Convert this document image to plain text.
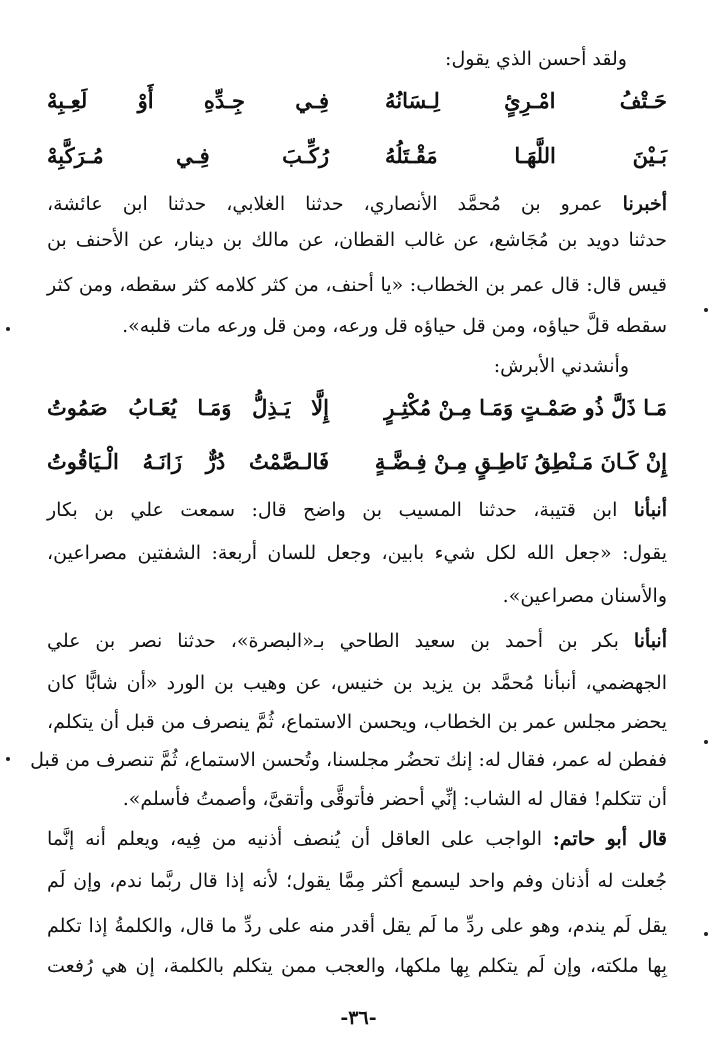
ولقد أحسن الذي يقول:
حَـتْفُ امْـرِئٍ لِـسَانُهُ
فِـي جِـدِّهِ أَوْ لَعِـبِهْ
بَـيْنَ اللَّهَـا مَقْـتَلُهُ
رُكِّـبَ فِـي مُـرَكَّبِهْ
أخبرنا عمرو بن مُحمَّد الأنصاري، حدثنا الغلابي، حدثنا ابن عائشة،
حدثنا دويد بن مُجَاشع، عن غالب القطان، عن مالك بن دينار، عن الأحنف بن
قيس قال: قال عمر بن الخطاب: «يا أحنف، من كثر كلامه كثر سقطه، ومن كثر
سقطه قلَّ حياؤه، ومن قل حياؤه قل ورعه، ومن قل ورعه مات قلبه».
وأنشدني الأبرش:
مَـا ذَلَّ ذُو صَمْـتٍ وَمَـا مِـنْ مُكْثِـرٍ
إِلَّا يَـذِلُّ وَمَـا يُعَـابُ صَمُوتُ
إِنْ كَـانَ مَـنْطِقُ نَاطِـقٍ مِـنْ فِـضَّـةٍ
فَالـصَّمْتُ دُرٌّ زَانَـهُ الْـيَاقُوتُ
أنبأنا ابن قتيبة، حدثنا المسيب بن واضح قال: سمعت علي بن بكار
يقول: «جعل الله لكل شيء بابين، وجعل للسان أربعة: الشفتين مصراعين،
والأسنان مصراعين».
أنبأنا بكر بن أحمد بن سعيد الطاحي بـ«البصرة»، حدثنا نصر بن علي
الجهضمي، أنبأنا مُحمَّد بن يزيد بن خنيس، عن وهيب بن الورد «أن شابًّا كان
يحضر مجلس عمر بن الخطاب، ويحسن الاستماع، ثُمَّ ينصرف من قبل أن يتكلم،
ففطن له عمر، فقال له: إنك تحضُر مجلسنا، وتُحسن الاستماع، ثُمَّ تنصرف من قبل
أن تتكلم! فقال له الشاب: إنِّي أحضر فأتوقَّى وأتقىَّ، وأصمتُ فأسلم».
قال أبو حاتم: الواجب على العاقل أن يُنصف أذنيه من فِيه، ويعلم أنه إنَّما
جُعلت له أذنان وفم واحد ليسمع أكثر مِمَّا يقول؛ لأنه إذا قال ربَّما ندم، وإن لَم
يقل لَم يندم، وهو على ردِّ ما لَم يقل أقدر منه على ردِّ ما قال، والكلمةُ إذا تكلم
بِها ملكته، وإن لَم يتكلم بِها ملكها، والعجب ممن يتكلم بالكلمة، إن هي رُفعت
-٣٦-
